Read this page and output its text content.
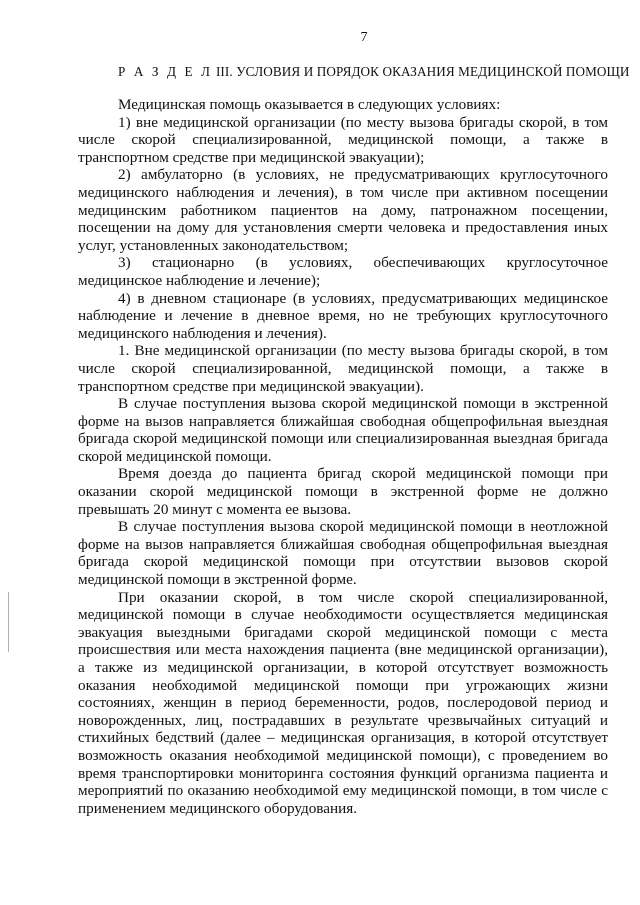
7
Р А З Д Е Л III. УСЛОВИЯ И ПОРЯДОК ОКАЗАНИЯ МЕДИЦИНСКОЙ ПОМОЩИ

Медицинская помощь оказывается в следующих условиях:

1) вне медицинской организации (по месту вызова бригады скорой, в том числе скорой специализированной, медицинской помощи, а также в транспортном средстве при медицинской эвакуации);

2) амбулаторно (в условиях, не предусматривающих круглосуточного медицинского наблюдения и лечения), в том числе при активном посещении медицинским работником пациентов на дому, патронажном посещении, посещении на дому для установления смерти человека и предоставления иных услуг, установленных законодательством;

3) стационарно (в условиях, обеспечивающих круглосуточное медицинское наблюдение и лечение);

4) в дневном стационаре (в условиях, предусматривающих медицинское наблюдение и лечение в дневное время, но не требующих круглосуточного медицинского наблюдения и лечения).

1. Вне медицинской организации (по месту вызова бригады скорой, в том числе скорой специализированной, медицинской помощи, а также в транспортном средстве при медицинской эвакуации).

В случае поступления вызова скорой медицинской помощи в экстренной форме на вызов направляется ближайшая свободная общепрофильная выездная бригада скорой медицинской помощи или специализированная выездная бригада скорой медицинской помощи.

Время доезда до пациента бригад скорой медицинской помощи при оказании скорой медицинской помощи в экстренной форме не должно превышать 20 минут с момента ее вызова.

В случае поступления вызова скорой медицинской помощи в неотложной форме на вызов направляется ближайшая свободная общепрофильная выездная бригада скорой медицинской помощи при отсутствии вызовов скорой медицинской помощи в экстренной форме.

При оказании скорой, в том числе скорой специализированной, медицинской помощи в случае необходимости осуществляется медицинская эвакуация выездными бригадами скорой медицинской помощи с места происшествия или места нахождения пациента (вне медицинской организации), а также из медицинской организации, в которой отсутствует возможность оказания необходимой медицинской помощи при угрожающих жизни состояниях, женщин в период беременности, родов, послеродовой период и новорожденных, лиц, пострадавших в результате чрезвычайных ситуаций и стихийных бедствий (далее – медицинская организация, в которой отсутствует возможность оказания необходимой медицинской помощи), с проведением во время транспортировки мониторинга состояния функций организма пациента и мероприятий по оказанию необходимой ему медицинской помощи, в том числе с применением медицинского оборудования.
